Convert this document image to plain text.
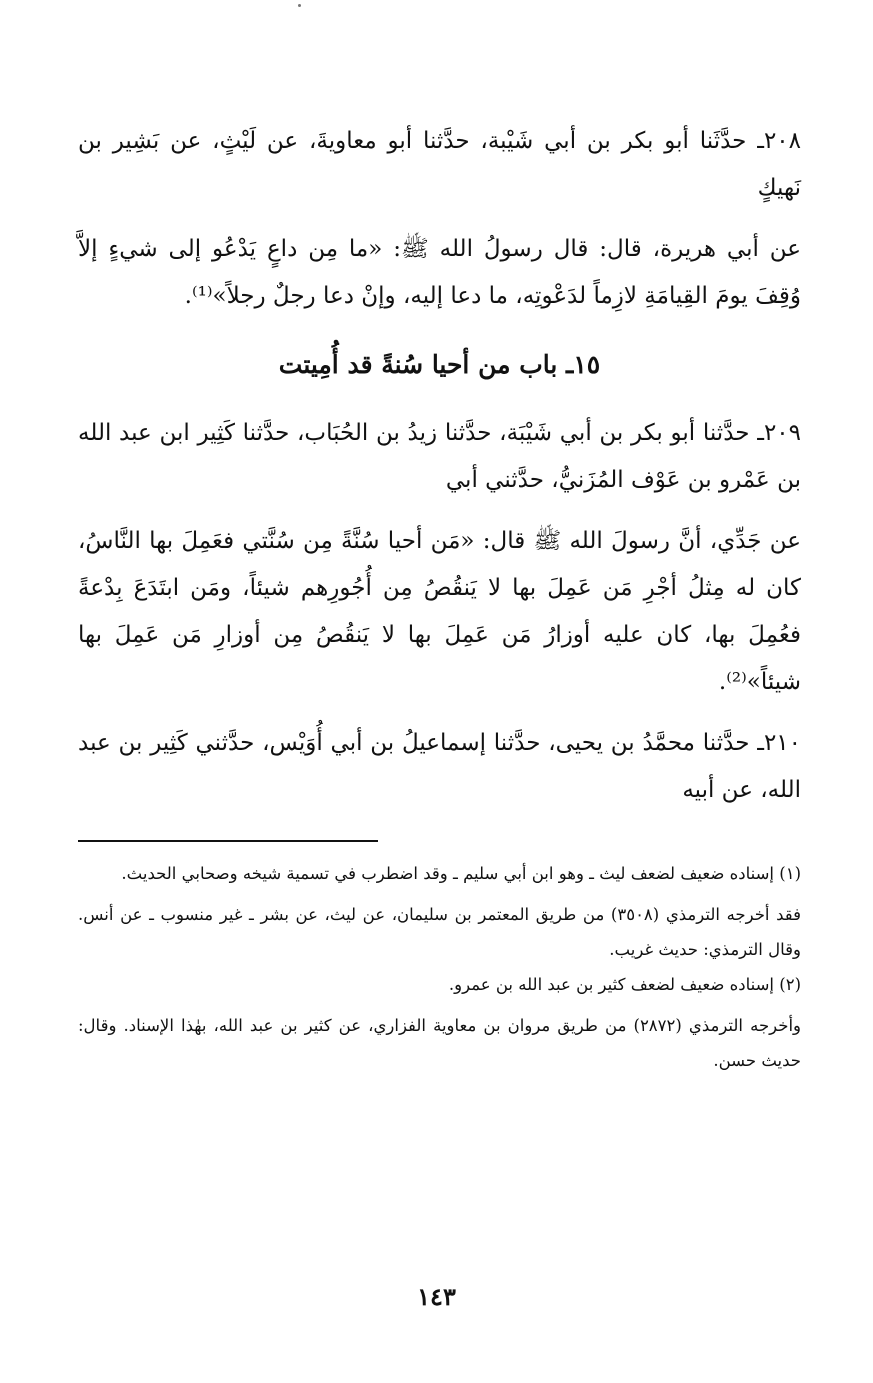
٢٠٨ـ حدَّثَنا أبو بكر بن أبي شَيْبة، حدَّثنا أبو معاويةَ، عن لَيْثٍ، عن بَشِير بن نَهيكٍ

عن أبي هريرة، قال: قال رسولُ الله ﷺ: «ما مِن داعٍ يَدْعُو إلى شيءٍ إلاَّ وُقِفَ يومَ القِيامَةِ لازِماً لدَعْوتِه، ما دعا إليه، وإنْ دعا رجلٌ رجلاً»⁽¹⁾.

١٥ـ باب من أحيا سُنةً قد أُمِيتت

٢٠٩ـ حدَّثنا أبو بكر بن أبي شَيْبَة، حدَّثنا زيدُ بن الحُبَاب، حدَّثنا كَثِير ابن عبد الله بن عَمْرو بن عَوْف المُزَنيُّ، حدَّثني أبي

عن جَدِّي، أنَّ رسولَ الله ﷺ قال: «مَن أحيا سُنَّةً مِن سُنَّتي فعَمِلَ بها النَّاسُ، كان له مِثلُ أجْرِ مَن عَمِلَ بها لا يَنقُصُ مِن أُجُورِهم شيئاً، ومَن ابتَدَعَ بِدْعةً فعُمِلَ بها، كان عليه أوزارُ مَن عَمِلَ بها لا يَنقُصُ مِن أوزارِ مَن عَمِلَ بها شيئاً»⁽²⁾.

٢١٠ـ حدَّثنا محمَّدُ بن يحيى، حدَّثنا إسماعيلُ بن أبي أُوَيْس، حدَّثني كَثِير بن عبد الله، عن أبيه

(١) إسناده ضعيف لضعف ليث ـ وهو ابن أبي سليم ـ وقد اضطرب في تسمية شيخه وصحابي الحديث.

فقد أخرجه الترمذي (٣٥٠٨) من طريق المعتمر بن سليمان، عن ليث، عن بشر ـ غير منسوب ـ عن أنس. وقال الترمذي: حديث غريب.

(٢) إسناده ضعيف لضعف كثير بن عبد الله بن عمرو.

وأخرجه الترمذي (٢٨٧٢) من طريق مروان بن معاوية الفزاري، عن كثير بن عبد الله، بهٰذا الإسناد. وقال: حديث حسن.

١٤٣
